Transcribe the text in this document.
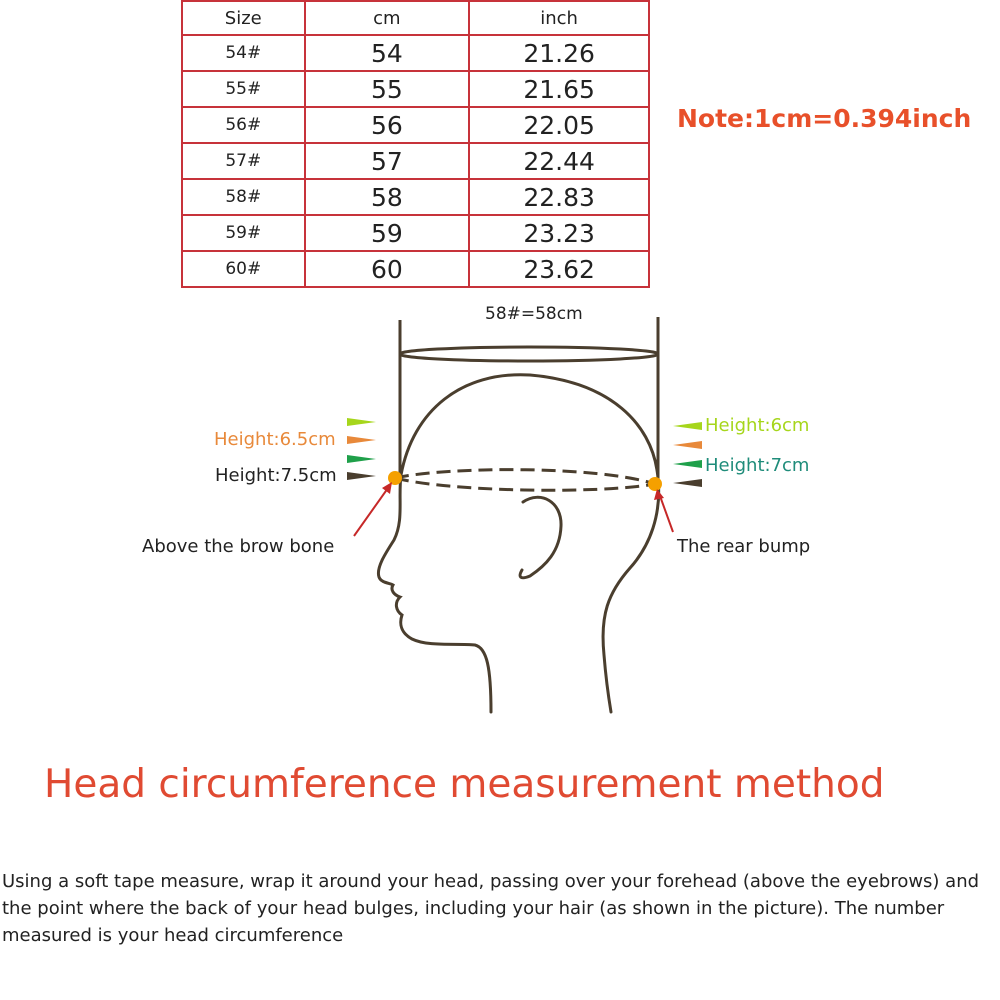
Size	cm	inch
54#	54	21.26
55#	55	21.65
56#	56	22.05
57#	57	22.44
58#	58	22.83
59#	59	23.23
60#	60	23.62
Note:1cm=0.394inch
58#=58cm
Height:6.5cm
Height:7.5cm
Height:6cm
Height:7cm
Above the brow bone	The rear bump
Head circumference measurement method
Using a soft tape measure, wrap it around your head, passing over your forehead (above the eyebrows) and the point where the back of your head bulges, including your hair (as shown in the picture). The number measured is your head circumference
